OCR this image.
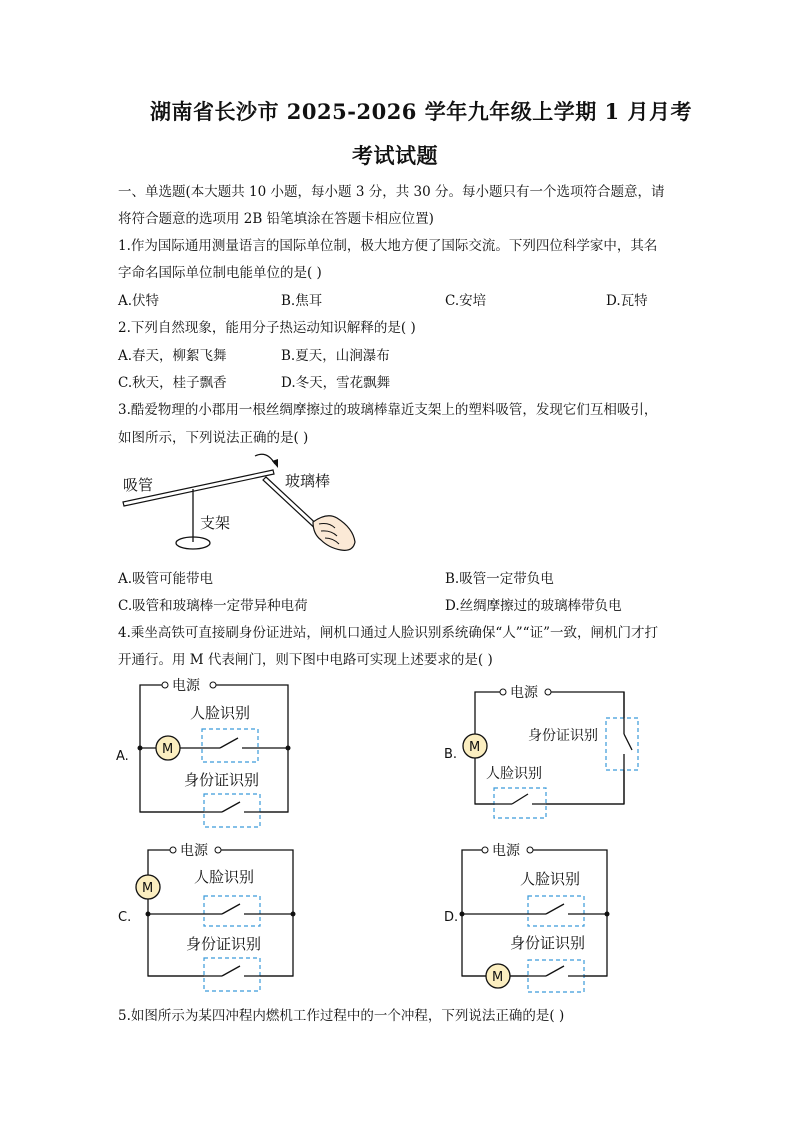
湖南省长沙市 2025-2026 学年九年级上学期 1 月月考
考试试题
一、单选题(本大题共 10 小题，每小题 3 分，共 30 分。每小题只有一个选项符合题意，请
将符合题意的选项用 2B 铅笔填涂在答题卡相应位置)
1.作为国际通用测量语言的国际单位制，极大地方便了国际交流。下列四位科学家中，其名
字命名国际单位制电能单位的是( )
A.伏特	B.焦耳	C.安培	D.瓦特
2.下列自然现象，能用分子热运动知识解释的是( )
A.春天，柳絮飞舞	B.夏天，山涧瀑布
C.秋天，桂子飘香	D.冬天，雪花飘舞
3.酷爱物理的小郡用一根丝绸摩擦过的玻璃棒靠近支架上的塑料吸管，发现它们互相吸引，
如图所示，下列说法正确的是( )
吸管	玻璃棒
支架
A.吸管可能带电	B.吸管一定带负电
C.吸管和玻璃棒一定带异种电荷	D.丝绸摩擦过的玻璃棒带负电
4.乘坐高铁可直接刷身份证进站，闸机口通过人脸识别系统确保“人”“证”一致，闸机门才打
开通行。用 M 代表闸门，则下图中电路可实现上述要求的是( )
A.
电源
M
人脸识别
身份证识别
B.
电源
M
身份证识别
人脸识别
C.
电源
M
人脸识别
身份证识别
D.
电源
人脸识别
M
身份证识别
5.如图所示为某四冲程内燃机工作过程中的一个冲程，下列说法正确的是( )
